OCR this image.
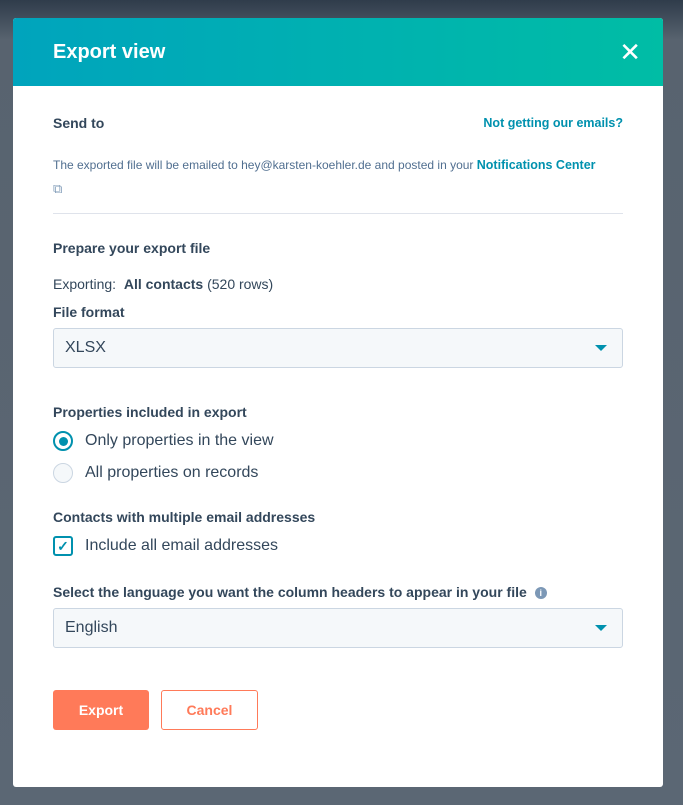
Export view	✕
Send to	Not getting our emails?
The exported file will be emailed to hey@karsten-koehler.de and posted in your Notifications Center
⧉
Prepare your export file
Exporting: All contacts (520 rows)
File format
XLSX
Properties included in export
Only properties in the view
All properties on records
Contacts with multiple email addresses
✓ Include all email addresses
Select the language you want the column headers to appear in your file i
English
Export	Cancel
